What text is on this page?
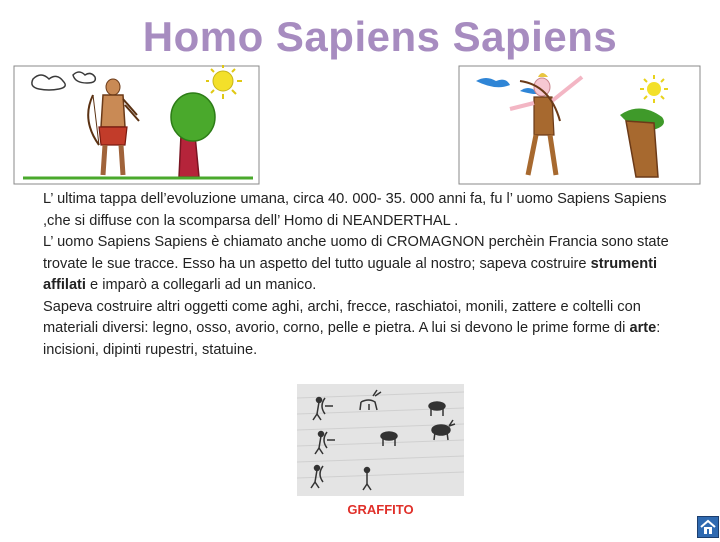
Homo Sapiens Sapiens

L’ ultima tappa dell’evoluzione umana, circa 40. 000- 35. 000 anni fa, fu l’ uomo Sapiens Sapiens ,che si diffuse con la scomparsa dell’ Homo di NEANDERTHAL .

L’ uomo Sapiens Sapiens è chiamato anche uomo di CROMAGNON perchèin Francia sono state trovate le sue tracce. Esso ha un aspetto del tutto uguale al nostro; sapeva costruire strumenti affilati e imparò a collegarli ad un manico.

Sapeva costruire altri oggetti come aghi, archi, frecce, raschiatoi, monili, zattere e coltelli con materiali diversi: legno, osso, avorio, corno, pelle e pietra. A lui si devono le prime forme di arte: incisioni, dipinti rupestri, statuine.

GRAFFITO
